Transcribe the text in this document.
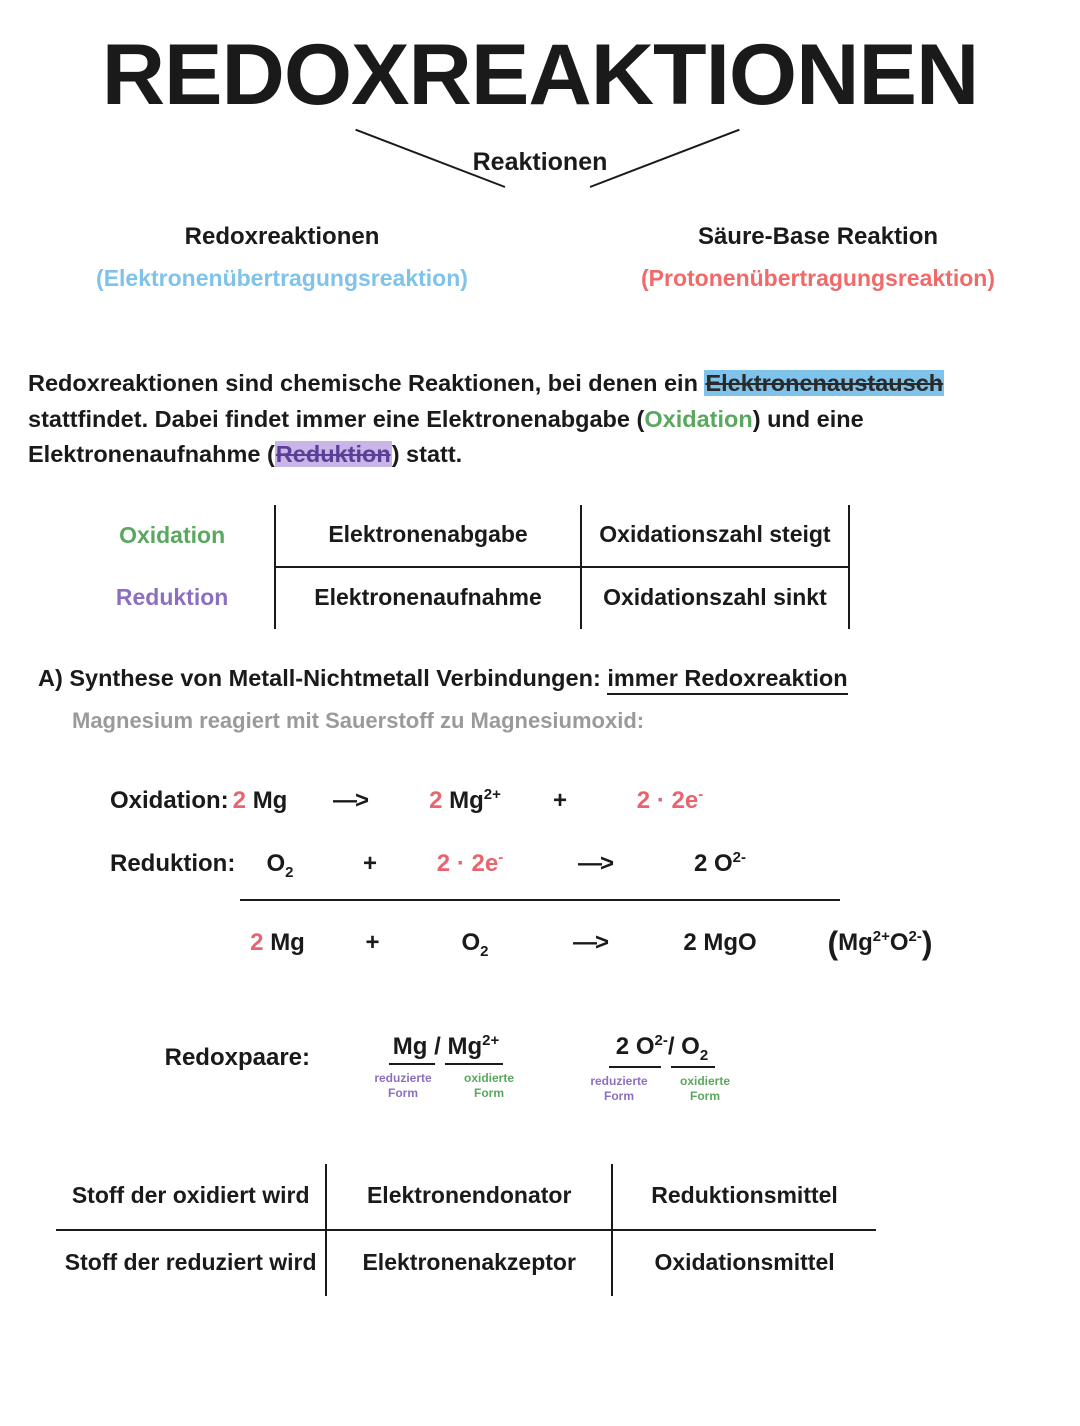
REDOXREAKTIONEN
Reaktionen
Redoxreaktionen
(Elektronenübertragungsreaktion)
Säure-Base Reaktion
(Protonenübertragungsreaktion)
Redoxreaktionen sind chemische Reaktionen, bei denen ein Elektronenaustausch stattfindet. Dabei findet immer eine Elektronenabgabe (Oxidation) und eine Elektronenaufnahme (Reduktion) statt.
Oxidation	Elektronenabgabe	Oxidationszahl steigt
Reduktion	Elektronenaufnahme	Oxidationszahl sinkt
A) Synthese von Metall-Nichtmetall Verbindungen: immer Redoxreaktion
Magnesium reagiert mit Sauerstoff zu Magnesiumoxid:
Oxidation: 2 Mg	—>	2 $Mg^{2+}$	+	2 · 2e-
Reduktion:	$O_2$	+	2 · 2e-	—>	2 $O^{2-}$
2 Mg	+	$O_2$	—>	2 MgO	$(Mg^{2+}O^{2-})$
Redoxpaare:	Mg / $Mg^{2+}$
reduzierte
Form
oxidierte
Form
2 $O^{2-}/$ $O_2$
reduzierte
Form
oxidierte
Form
Stoff der oxidiert wird	Elektronendonator	Reduktionsmittel
Stoff der reduziert wird	Elektronenakzeptor	Oxidationsmittel
